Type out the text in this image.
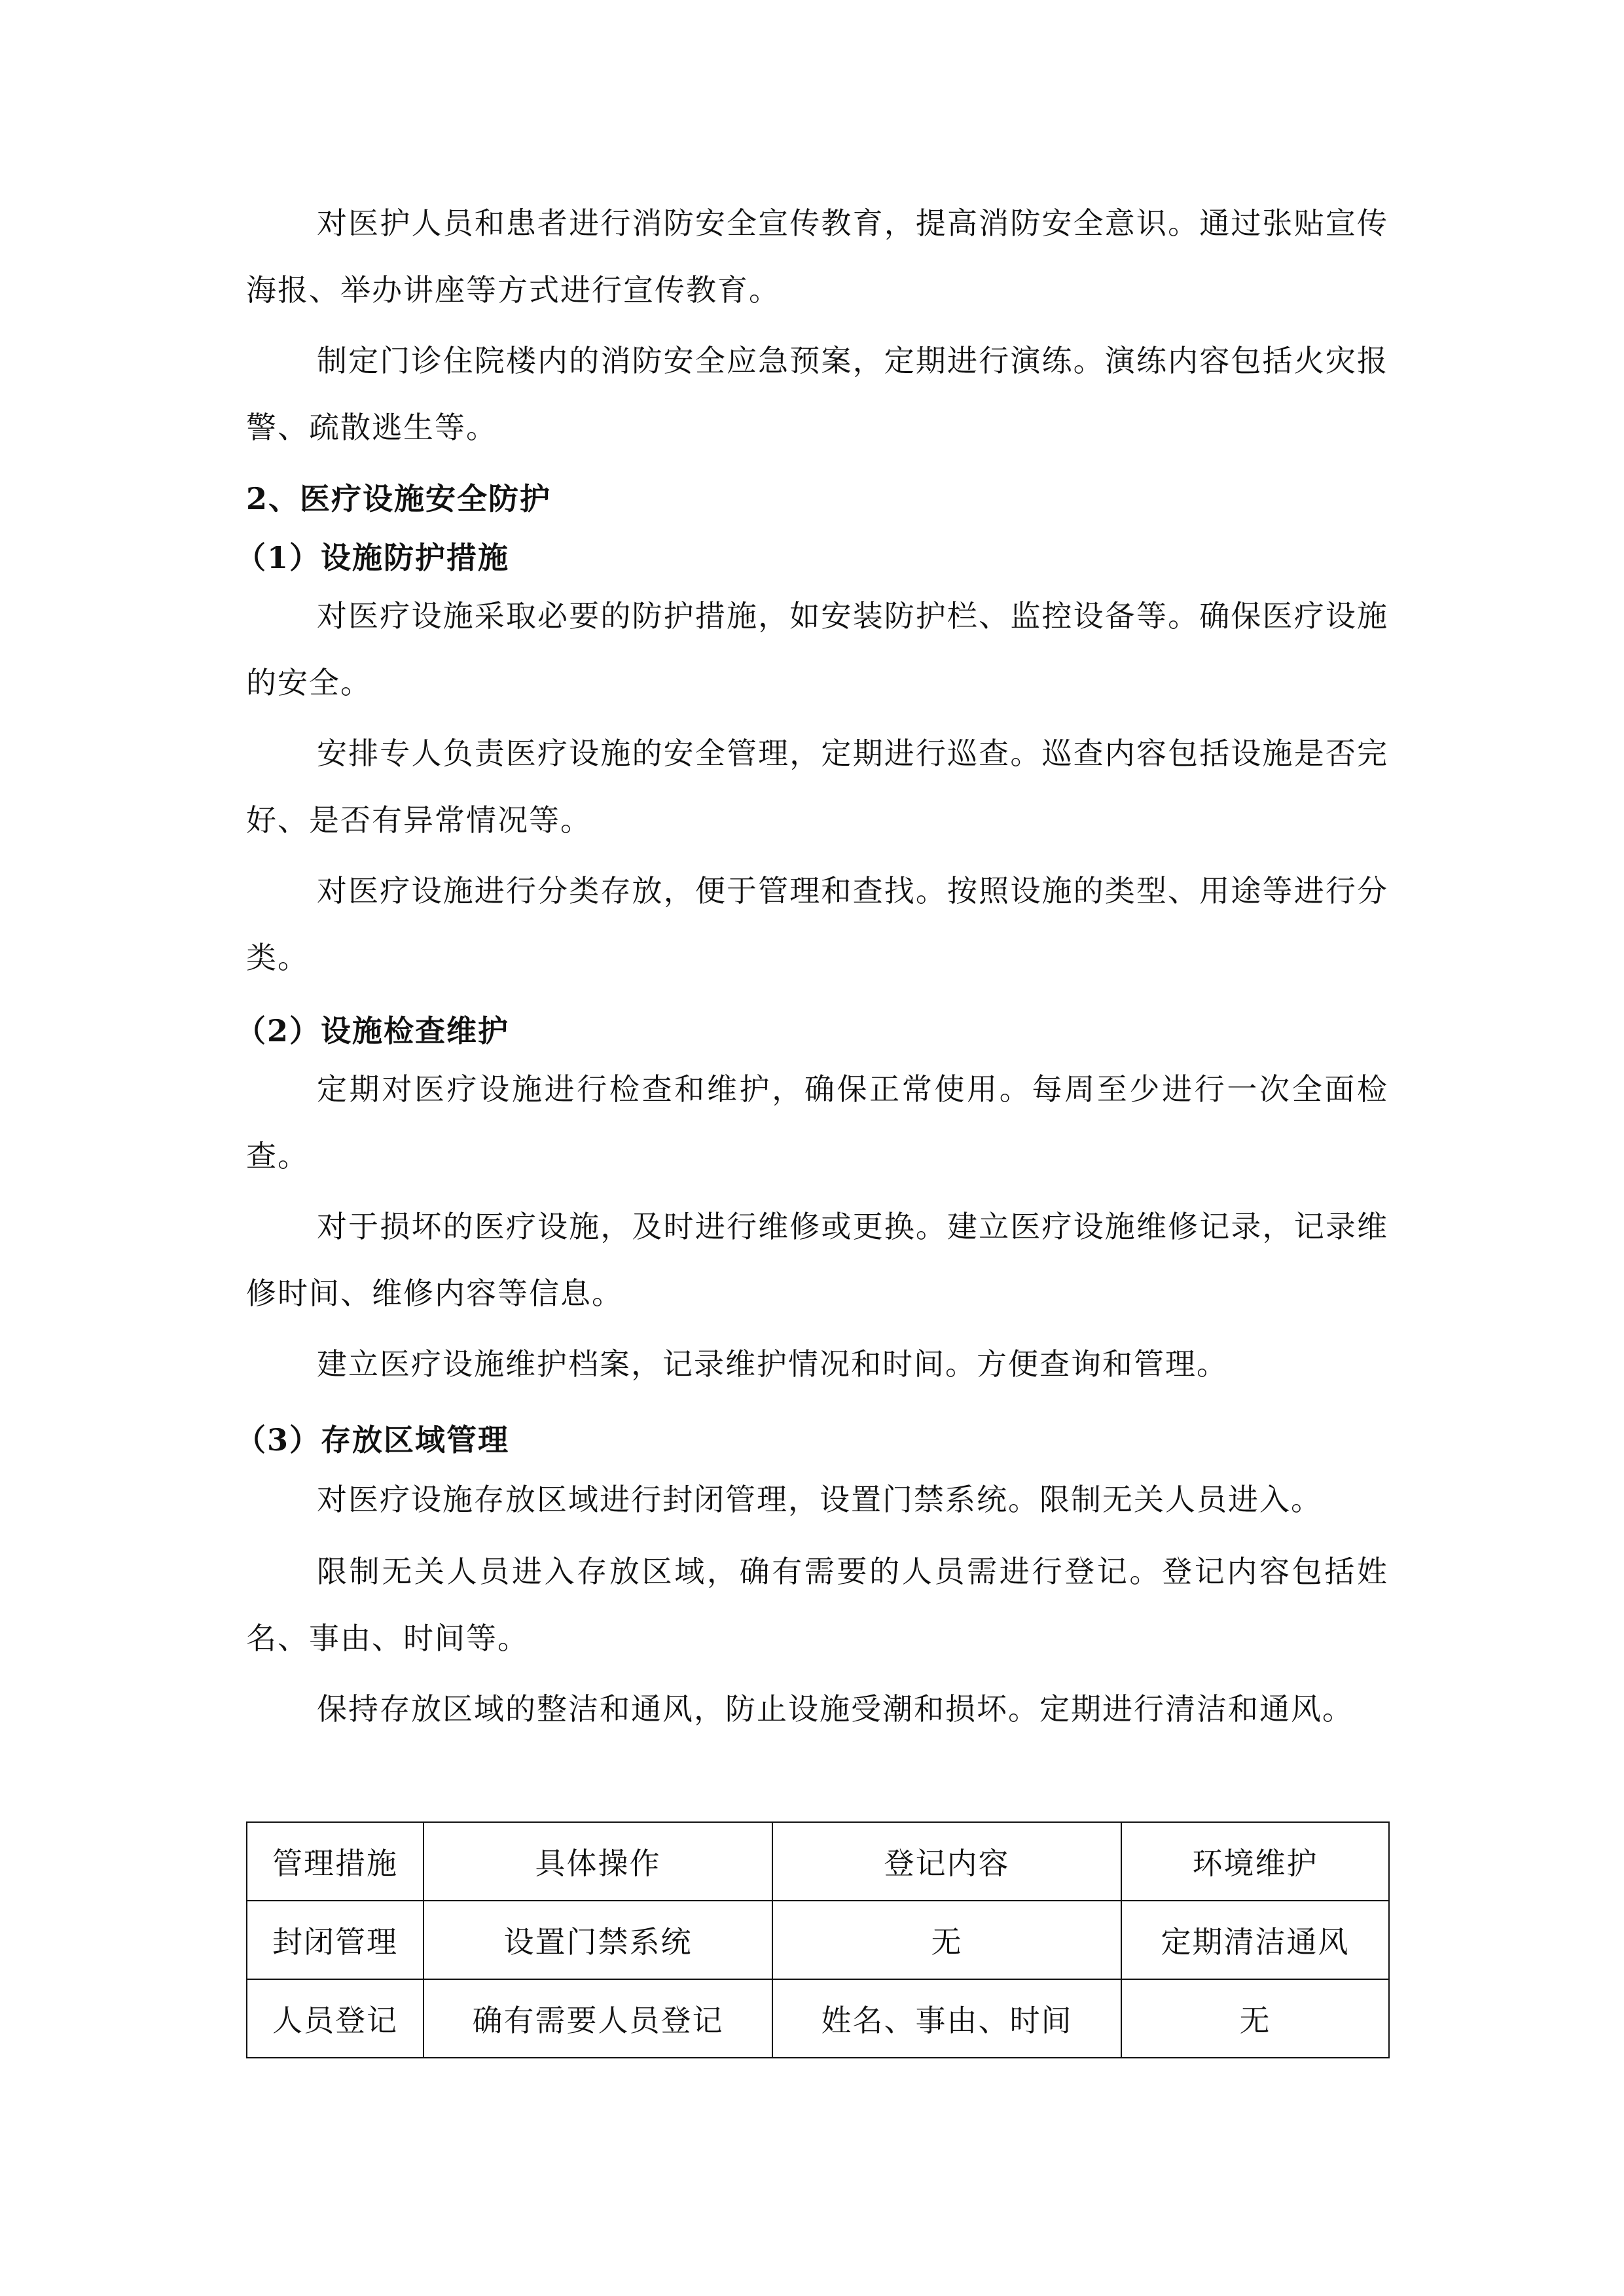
对医护人员和患者进行消防安全宣传教育，提高消防安全意识。通过张贴宣传海报、举办讲座等方式进行宣传教育。

制定门诊住院楼内的消防安全应急预案，定期进行演练。演练内容包括火灾报警、疏散逃生等。

2、医疗设施安全防护
（1）设施防护措施

对医疗设施采取必要的防护措施，如安装防护栏、监控设备等。确保医疗设施的安全。

安排专人负责医疗设施的安全管理，定期进行巡查。巡查内容包括设施是否完好、是否有异常情况等。

对医疗设施进行分类存放，便于管理和查找。按照设施的类型、用途等进行分类。

（2）设施检查维护

定期对医疗设施进行检查和维护，确保正常使用。每周至少进行一次全面检查。

对于损坏的医疗设施，及时进行维修或更换。建立医疗设施维修记录，记录维修时间、维修内容等信息。

建立医疗设施维护档案，记录维护情况和时间。方便查询和管理。

（3）存放区域管理

对医疗设施存放区域进行封闭管理，设置门禁系统。限制无关人员进入。

限制无关人员进入存放区域，确有需要的人员需进行登记。登记内容包括姓名、事由、时间等。

保持存放区域的整洁和通风，防止设施受潮和损坏。定期进行清洁和通风。

管理措施	具体操作	登记内容	环境维护
封闭管理	设置门禁系统	无	定期清洁通风
人员登记	确有需要人员登记	姓名、事由、时间	无
